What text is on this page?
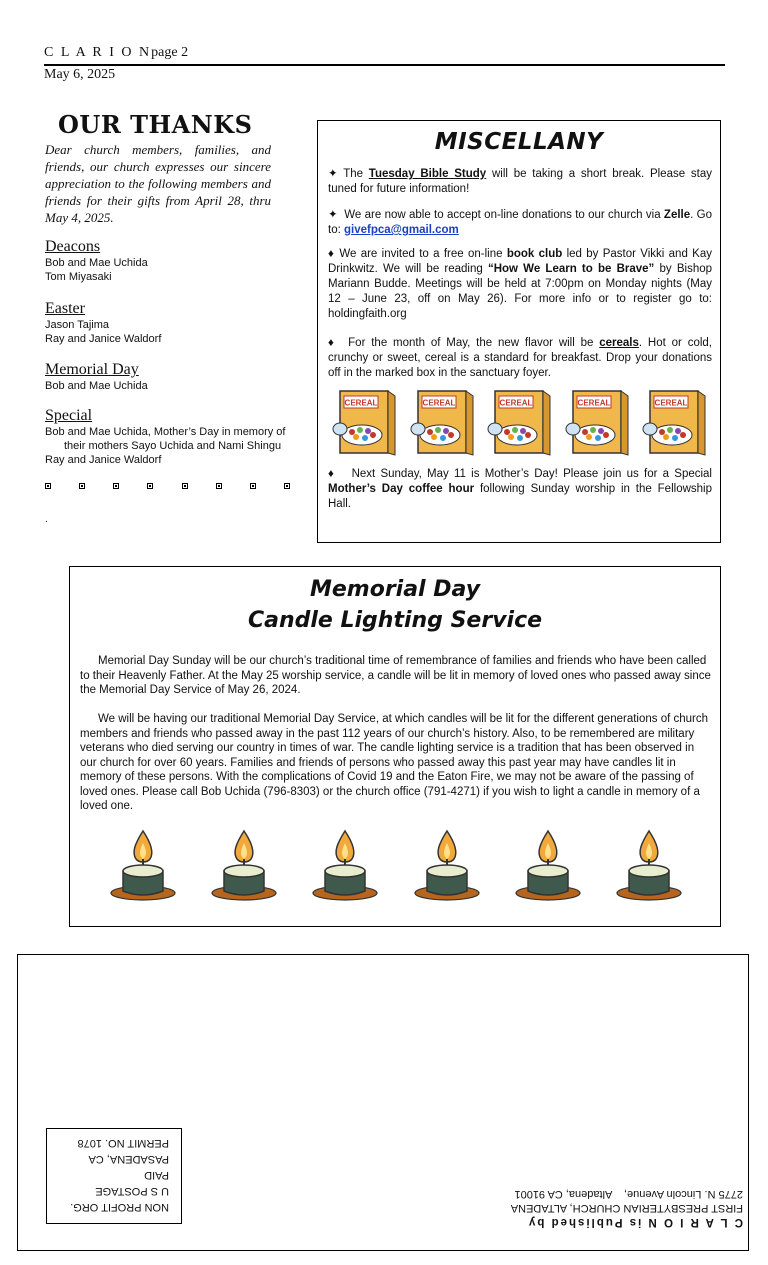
C L A R I O Npage 2
May 6, 2025
OUR THANKS
Dear church members, families, and friends, our church expresses our sincere appreciation to the following members and friends for their gifts from April 28, thru May 4, 2025.
Deacons
Bob and Mae Uchida
Tom Miyasaki
Easter
Jason Tajima
Ray and Janice Waldorf
Memorial Day
Bob and Mae Uchida
Special
Bob and Mae Uchida, Mother’s Day in memory of
their mothers Sayo Uchida and Nami Shingu
Ray and Janice Waldorf
.
MISCELLANY
✦ The Tuesday Bible Study will be taking a short break. Please stay tuned for future information!
✦ We are now able to accept on-line donations to our church via Zelle. Go to: givefpca@gmail.com
♦ We are invited to a free on-line book club led by Pastor Vikki and Kay Drinkwitz. We will be reading “How We Learn to be Brave” by Bishop Mariann Budde. Meetings will be held at 7:00pm on Monday nights (May 12 – June 23, off on May 26). For more info or to register go to: holdingfaith.org
♦ For the month of May, the new flavor will be cereals. Hot or cold, crunchy or sweet, cereal is a standard for breakfast. Drop your donations off in the marked box in the sanctuary foyer.
CEREAL	CEREAL	CEREAL	CEREAL	CEREAL
♦ Next Sunday, May 11 is Mother’s Day! Please join us for a Special Mother’s Day coffee hour following Sunday worship in the Fellowship Hall.
Memorial Day
Candle Lighting Service
Memorial Day Sunday will be our church’s traditional time of remembrance of families and friends who have been called to their Heavenly Father. At the May 25 worship service, a candle will be lit in memory of loved ones who passed away since the Memorial Day Service of May 26, 2024.
We will be having our traditional Memorial Day Service, at which candles will be lit for the different generations of church members and friends who passed away in the past 112 years of our church’s history. Also, to be remembered are military veterans who died serving our country in times of war. The candle lighting service is a tradition that has been observed in our church for over 60 years. Families and friends of persons who passed away this past year may have candles lit in memory of these persons. With the complications of Covid 19 and the Eaton Fire, we may not be aware of the passing of loved ones. Please call Bob Uchida (796-8303) or the church office (791-4271) if you wish to light a candle in memory of a loved one.
NON PROFIT ORG.
U S POSTAGE
PAID
PASADENA, CA
PERMIT NO. 1078
C L A R I O N is Published by
FIRST PRESBYTERIAN CHURCH, ALTADENA
2775 N. Lincoln Avenue,    Altadena, CA 91001
